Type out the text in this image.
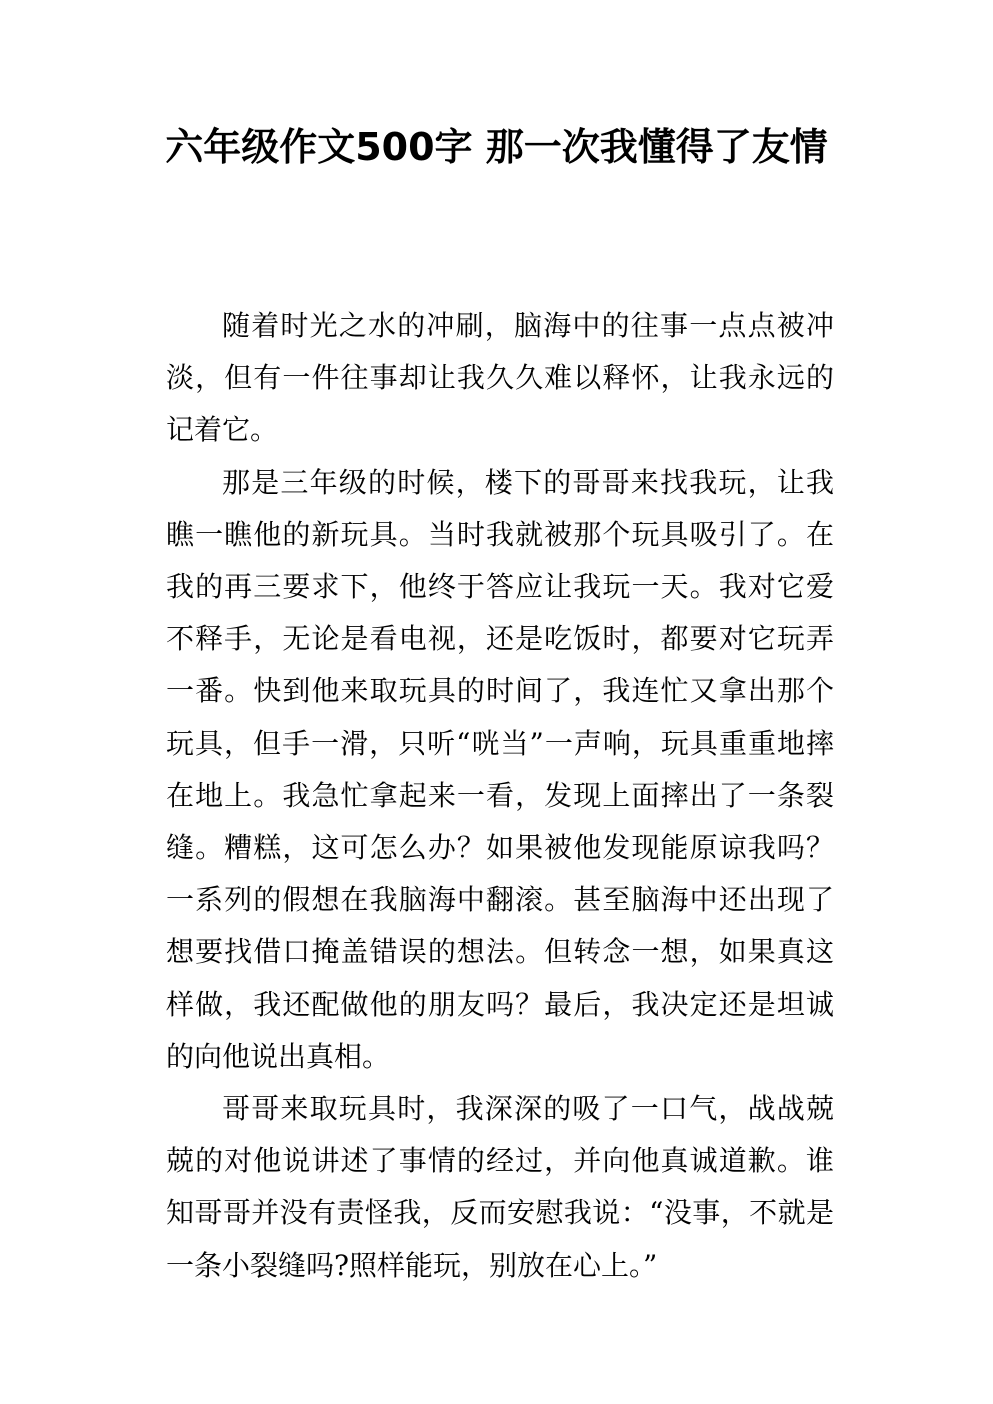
六年级作文500字 那一次我懂得了友情

随着时光之水的冲刷，脑海中的往事一点点被冲淡，但有一件往事却让我久久难以释怀，让我永远的记着它。

那是三年级的时候，楼下的哥哥来找我玩，让我瞧一瞧他的新玩具。当时我就被那个玩具吸引了。在我的再三要求下，他终于答应让我玩一天。我对它爱不释手，无论是看电视，还是吃饭时，都要对它玩弄一番。快到他来取玩具的时间了，我连忙又拿出那个玩具，但手一滑，只听“咣当”一声响，玩具重重地摔在地上。我急忙拿起来一看，发现上面摔出了一条裂缝。糟糕，这可怎么办？如果被他发现能原谅我吗？一系列的假想在我脑海中翻滚。甚至脑海中还出现了想要找借口掩盖错误的想法。但转念一想，如果真这样做，我还配做他的朋友吗？最后，我决定还是坦诚的向他说出真相。

哥哥来取玩具时，我深深的吸了一口气，战战兢兢的对他说讲述了事情的经过，并向他真诚道歉。谁知哥哥并没有责怪我，反而安慰我说：“没事，不就是一条小裂缝吗?照样能玩，别放在心上。”
